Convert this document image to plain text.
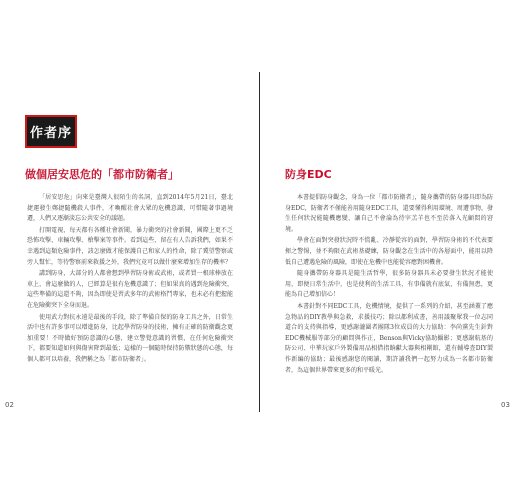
作者序
做個居安思危的「都市防衛者」

「居安思危」向來是臺灣人很陌生的名詞，直到2014年5月21日，臺北捷運發生鄭捷隨機殺人事件，才喚醒社會大眾的危機意識，可惜隨著事過境遷，人們又逐漸淡忘公共安全的議題。

打開電視，每天都有各種社會新聞，暴力衝突的社會新聞，國際上更不乏恐怖攻擊、車輛攻擊、槍擊案等事件。看到這些，留在有人告訴我們，如果不幸遇到這類危險事件，該怎麼做才能保護自己和家人的性命，除了冀望警察或旁人幫忙，等待警察前來救援之外，我們究竟可以做什麼來增加生存的機率？

講到防身，大部分的人都會想到學習防身術或武術，或者買一根球棒放在車上，會這麼做的人，已經算是很有危機意識了；但如果真的遇到危險衝突，這些準備的這還不夠，因為即使是習武多年的武術格鬥專家，也未必有把握能在危險衝突下全身而退。

使用武力對抗永遠是最後的手段，除了準備自保的防身工具之外，日常生活中也有許多事可以增進防身，比起學習防身的技術，擁有正確的防衛觀念更加重要！不時做好預防意識的心態，建立警覺意識的習慣，在任何危險衝突下，都要知道如何與傷害降到最低；這樣的一個隨時保持防禦狀態的心態，每個人都可以培養，我們稱之為「都市防衛者」。

02
防身EDC

本書提倡防身觀念，身為一位「都市防衛者」，隨身攜帶的防身器具即為防身EDC，防衛者不僅能善用隨身EDC工具，還要懂得利用環境、周遭事物，發生任何狀況能隨機應變，讓自己不會淪為待宰羔羊也不至於落入光顧悶的窘境。

學會在面對突發狀況時不慌亂、冷靜從容的面對，學習防身術的不代表要揮之警惕，並不夠限在武術基礎練，防身觀念在生活中的各層面中，能用以降低自己遭遇危險的風險，即使在危機中也能從容應對困機會。

隨身攜帶防身器具是隨生活哲學，很多防身器具未必要發生狀況才能使用，即便日常生活中，也是使利的生活工具，有事備就有底氣，有備無患，更能為自己增加信心！

本書針對不同EDC工具，危機情境，提供了一系列的介紹，甚至涵蓋了應急物品的DIY教學與急救，求援技巧；除以都利成書，善用議聚眾我一位志同道合的支持與指導，更感謝瀧圍者團隊3位成員的大力協助：李尚黨先生針對EDC機械服等部分的顧問與作正，Benson與Vicky協助攝影；更感謝航基的防公司、中華玩家戶外製備用品相借指餉獻大器與相剛館，還有輔導查DIY製作新編的協助；最後感謝您的閱讀，期許讀我們一起努力成為一名都市防衛者，為這個世界帶來更多的和平暖光。

03
